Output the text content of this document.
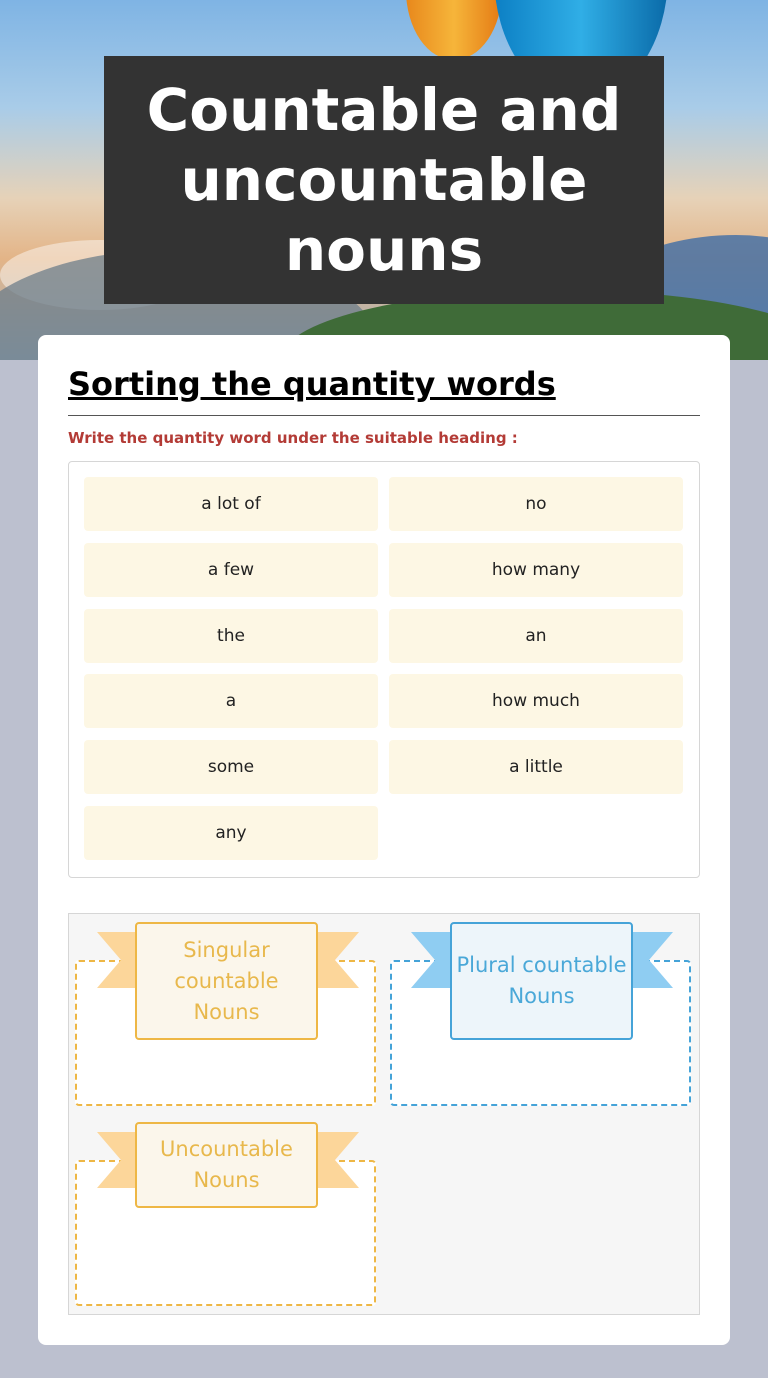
Countable and uncountable nouns
Sorting the quantity words
Write the quantity word under the suitable heading :
a lot of	no
a few	how many
the	an
a	how much
some	a little
any
Singular countable Nouns
Plural countable Nouns
Uncountable Nouns
